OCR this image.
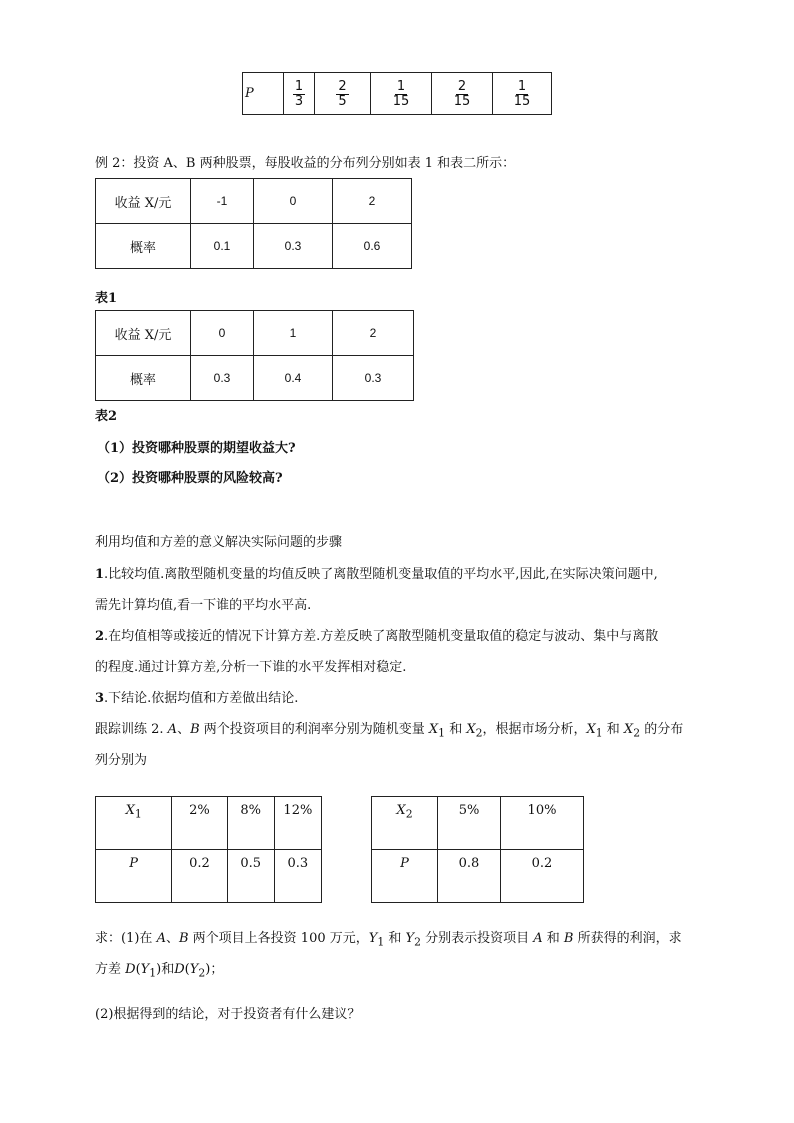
P	$\frac{1}{3}$	$\frac{2}{5}$	$\frac{1}{15}$	$\frac{2}{15}$	$\frac{1}{15}$
例 2：投资 A、B 两种股票，每股收益的分布列分别如表 1 和表二所示：
收益 X/元	-1	0	2
概率	0.1	0.3	0.6
表1
收益 X/元	0	1	2
概率	0.3	0.4	0.3
表2
（1）投资哪种股票的期望收益大?
（2）投资哪种股票的风险较高?
利用均值和方差的意义解决实际问题的步骤
1.比较均值.离散型随机变量的均值反映了离散型随机变量取值的平均水平,因此,在实际决策问题中,
需先计算均值,看一下谁的平均水平高.
2.在均值相等或接近的情况下计算方差.方差反映了离散型随机变量取值的稳定与波动、集中与离散
的程度.通过计算方差,分析一下谁的水平发挥相对稳定.
3.下结论.依据均值和方差做出结论.
跟踪训练 2. A、B 两个投资项目的利润率分别为随机变量 $X_1$ 和 $X_2$，根据市场分析，$X_1$ 和 $X_2$ 的分布
列分别为
$X_1$	2%	8%	12%
P	0.2	0.5	0.3
$X_2$	5%	10%
P	0.8	0.2
求：(1)在 A、B 两个项目上各投资 100 万元，$Y_1$ 和 $Y_2$ 分别表示投资项目 A 和 B 所获得的利润，求
方差 $D(Y_1)$和$D(Y_2)$；
(2)根据得到的结论，对于投资者有什么建议？
